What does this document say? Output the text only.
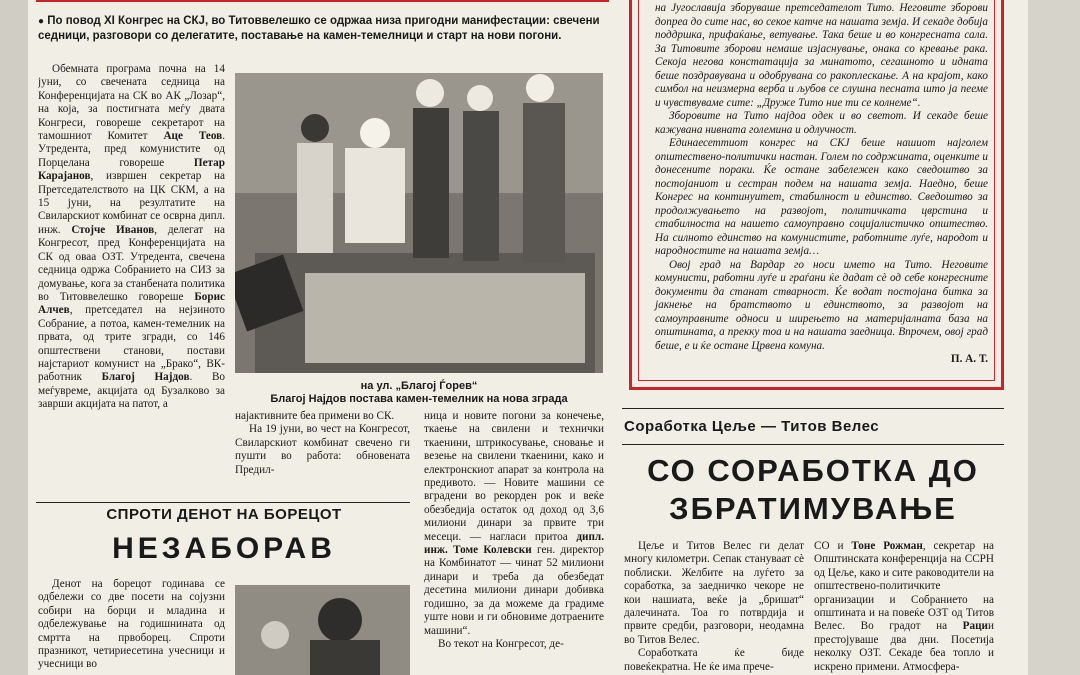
● По повод XI Конгрес на СКЈ, во Титоввелешко се одржаа низа пригодни манифестации: свечени седници, разговори со делегатите, поставање на камен-темелници и старт на нови погони.

Обемната програма почна на 14 јуни, со свечената седница на Конференцијата на СК во АК „Лозар“, на која, за постигната меѓу двата Конгреси, говореше секретарот на тамошниот Комитет Аце Теов. Утредента, пред комунистите од Порцелана говореше Петар Карајанов, извршен секретар на Претседателството на ЦК СКМ, а на 15 јуни, на резултатите на Свиларскиот комбинат се осврна дипл. инж. Стојче Иванов, делегат на Конгресот, пред Конференцијата на СК од оваа ОЗТ. Утредента, свечена седница одржа Собранието на СИЗ за домување, кога за станбената политика во Титоввелешко говореше Борис Алчев, претседател на нејзиното Собрание, а потоа, камен-темелник на првата, од трите згради, со 146 општествени станови, постави најстариот комунист на „Брако“, ВК-работник Благој Најдов. Во меѓувреме, акцијата од Бузалково за заврши акцијата на патот, а

на ул. „Благој Ѓорев“
Благој Најдов постава камен-темелник на нова зграда

најактивните беа примени во СК.

На 19 јуни, во чест на Конгресот, Свиларскиот комбинат свечено ги пушти во работа: обновената Предил-

ница и новите погони за конечење, ткаење на свилени и технички ткаенини, штрикосување, сновање и везење на свилени ткаенини, како и електронскиот апарат за контрола на предивото. — Новите машини се вградени во рекорден рок и веќе обезбедија остаток од доход од 3,6 милиони динари за првите три месеци. — наглаcи притоа дипл. инж. Томе Колевски ген. директор на Комбинатот — чинат 52 милиони динари и треба да обезбедат десетина милиони динари добивка годишно, за да можеме да градиме уште нови и ги обновиме дотраените машини“.

Во текот на Конгресот, де-

СПРОТИ ДЕНОТ НА БОРЕЦОТ
НЕЗАБОРАВ

Денот на борецот годинава се одбележи со две посети на сојузни собири на борци и младина и одбележување на годишнината од смртта на првоборец. Спроти празникот, четириесетина учесници и учесници во

на Југославија зборуваше претседателот Тито. Неговите зборови допреа до сите нас, во секое катче на нашата земја. И секаде добија поддршка, прифаќање, ветување. Така беше и во конгресната сала. За Титовите зборови немаше изјаснување, онака со кревање рака. Секоја негова констатација за минатото, сегашното и идната беше поздравувана и одобрувана со ракоплескање. А на крајот, како симбол на неизмерна верба и љубов се слушна песната што ја пееме и чувствуваме сите: „Друже Тито ние ти се колнеме“.

Зборовите на Тито најдоа одек и во светот. И секаде беше кажувана нивната големина и одлучност.

Единаесеттиот конгрес на СКЈ беше нашиот најголем општествено-политички настан. Голем по содржината, оценките и донесените пораки. Ќе остане забележен како сведоштво за постојаниот и сестран подем на нашата земја. Наедно, беше Конгрес на континуитет, стабилност и единство. Сведоштво за продолжувањето на развојот, политичката цврстина и стабилноста на нашето самоуправно социјалистичко општество. На силното единство на комунистите, работните луѓе, народот и народностите на нашата земја…

Овој град на Вардар го носи името на Тито. Неговите комунисти, работни луѓе и граѓани ќе дадат сè од себе конгресните документи да станат стварност. Ќе водат постојана битка за јакнење на братството и единството, за развојот на самоуправните односи и ширењето на материјалната база на општината, а прекку тоа и на нашата заедница. Впрочем, овој град беше, е и ќе остане Црвена комуна.

П. А. Т.
Соработка Цеље — Титов Велес
СО СОРАБОТКА ДО
ЗБРАТИМУВАЊЕ

Цеље и Титов Велес ги делат многу километри. Сепак стануваат сè поблиски. Желбите на луѓето за соработка, за заедничко чекоре не кои нашиата, веќе ја „бришат“ далечината. Тоа го потврдија и првите средби, разговори, неодамна во Титов Велес.

Соработката ќе биде повеќекратна. Не ќе има прече-

СО и Тоне Рожман, секретар на Општинската конференција на ССРН од Цеље, како и сите раководители на општествено-политичките организации и Собранието на општината и на повеќе ОЗТ од Титов Велес. Во градот на Рации престојуваше два дни. Посетија неколку ОЗТ. Секаде беа топло и искрено примени. Атмосфера-
